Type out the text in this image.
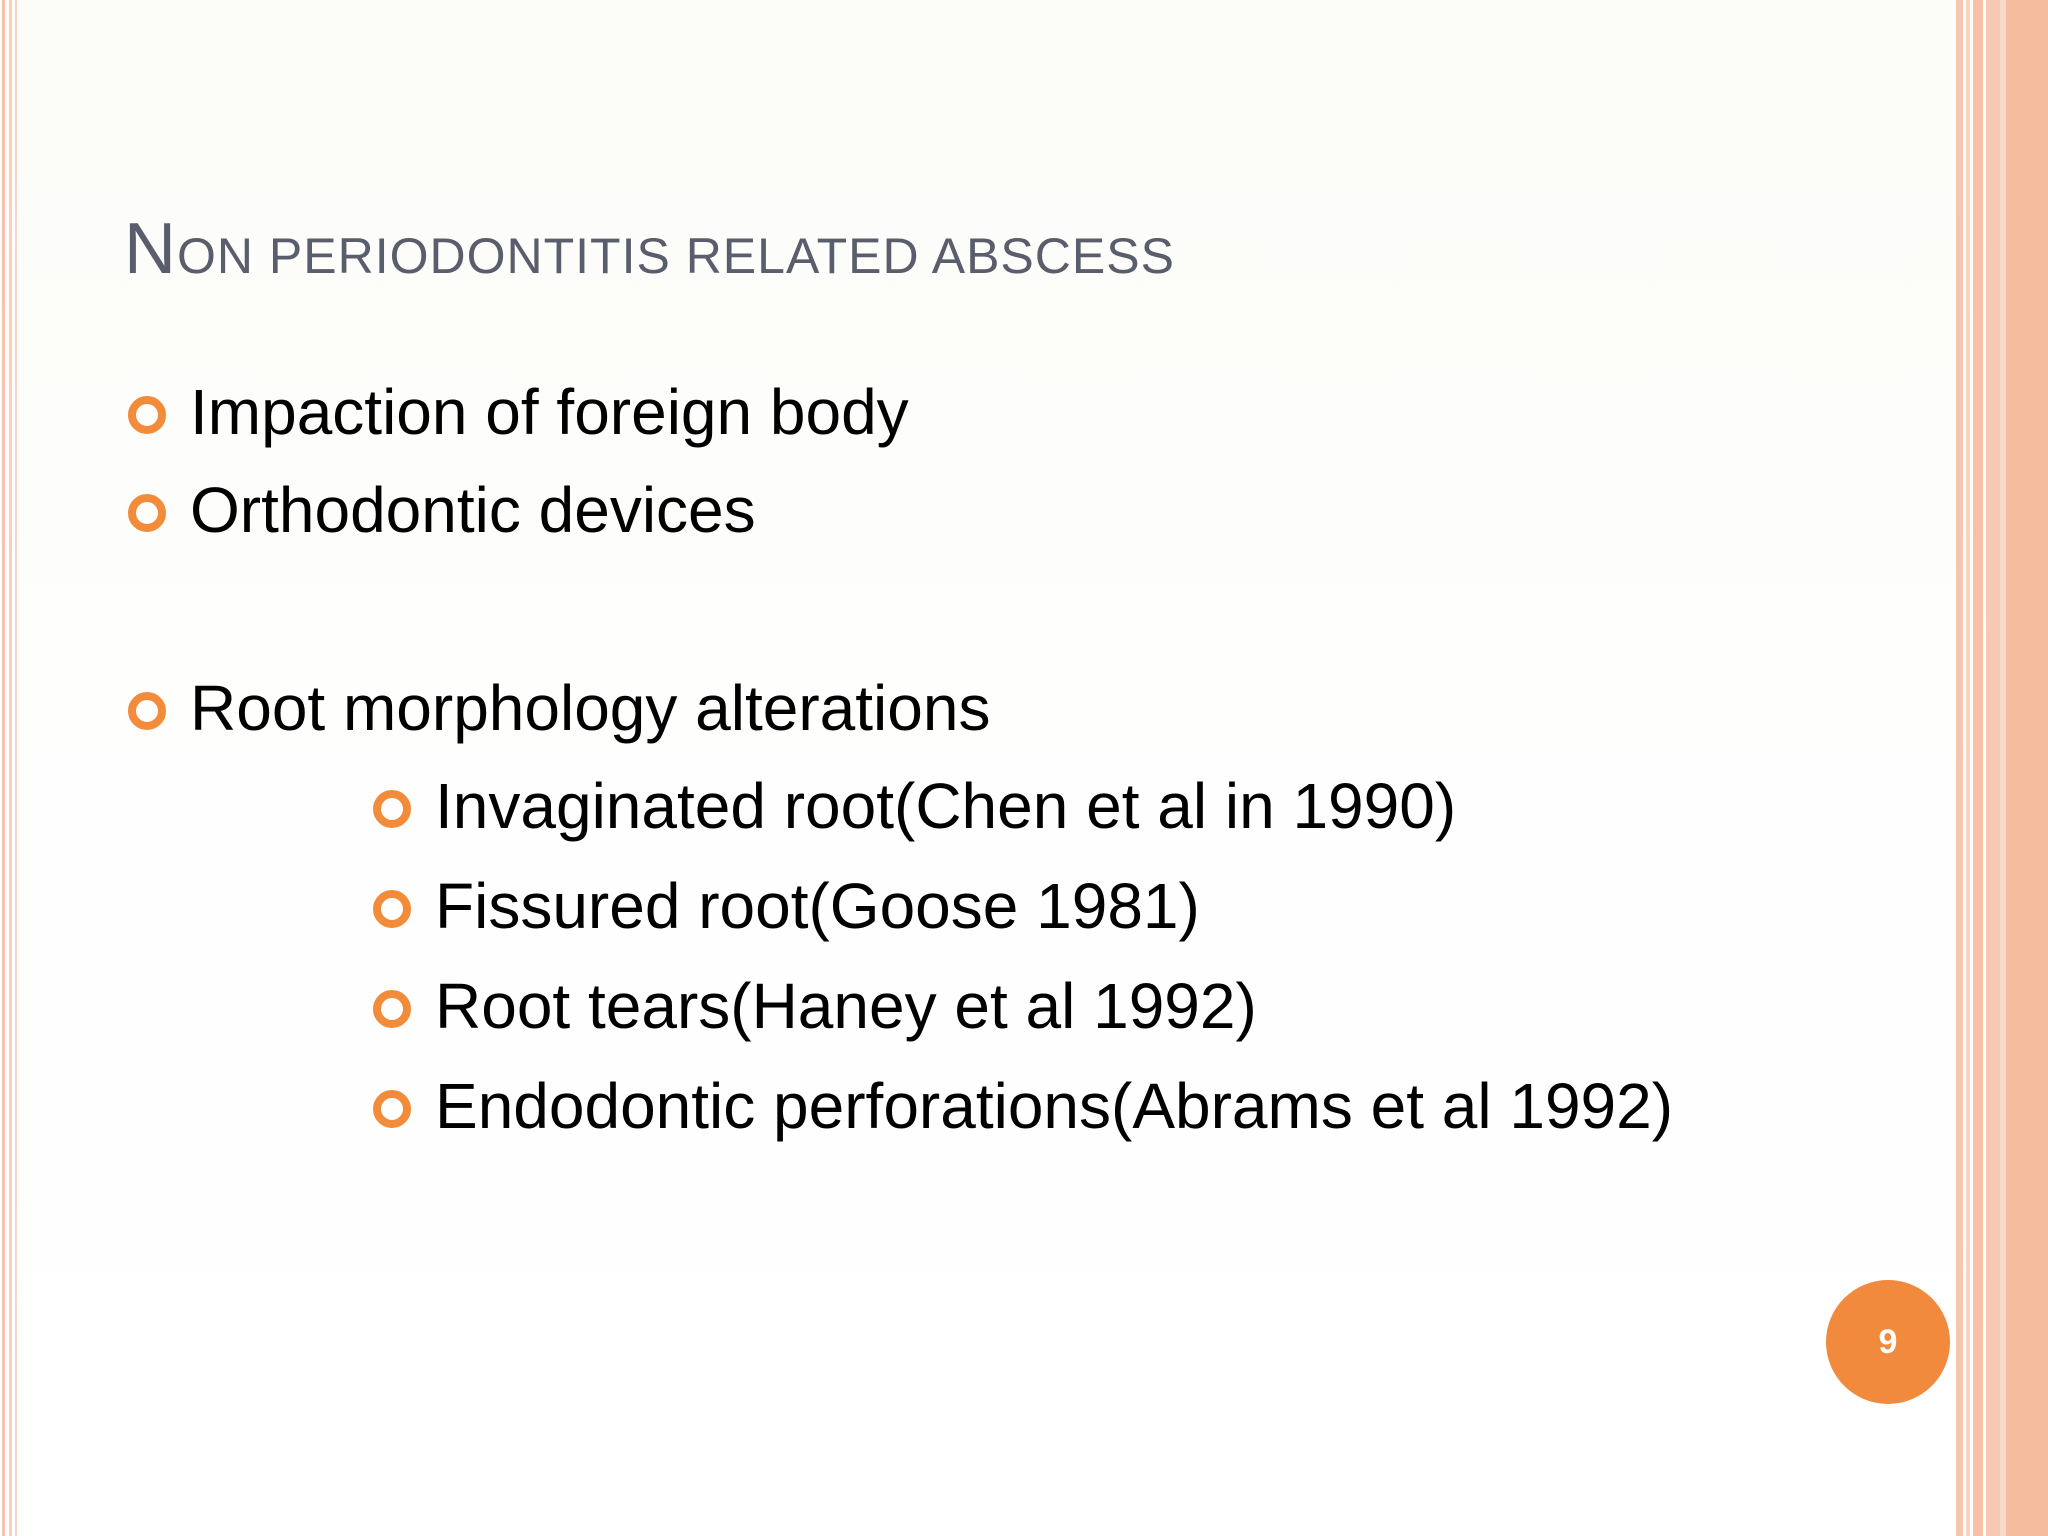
NON PERIODONTITIS RELATED ABSCESS
Impaction of foreign body
Orthodontic devices
Root morphology alterations
Invaginated root(Chen et al in 1990)
Fissured root(Goose 1981)
Root tears(Haney et al 1992)
Endodontic perforations(Abrams et al 1992)
9
